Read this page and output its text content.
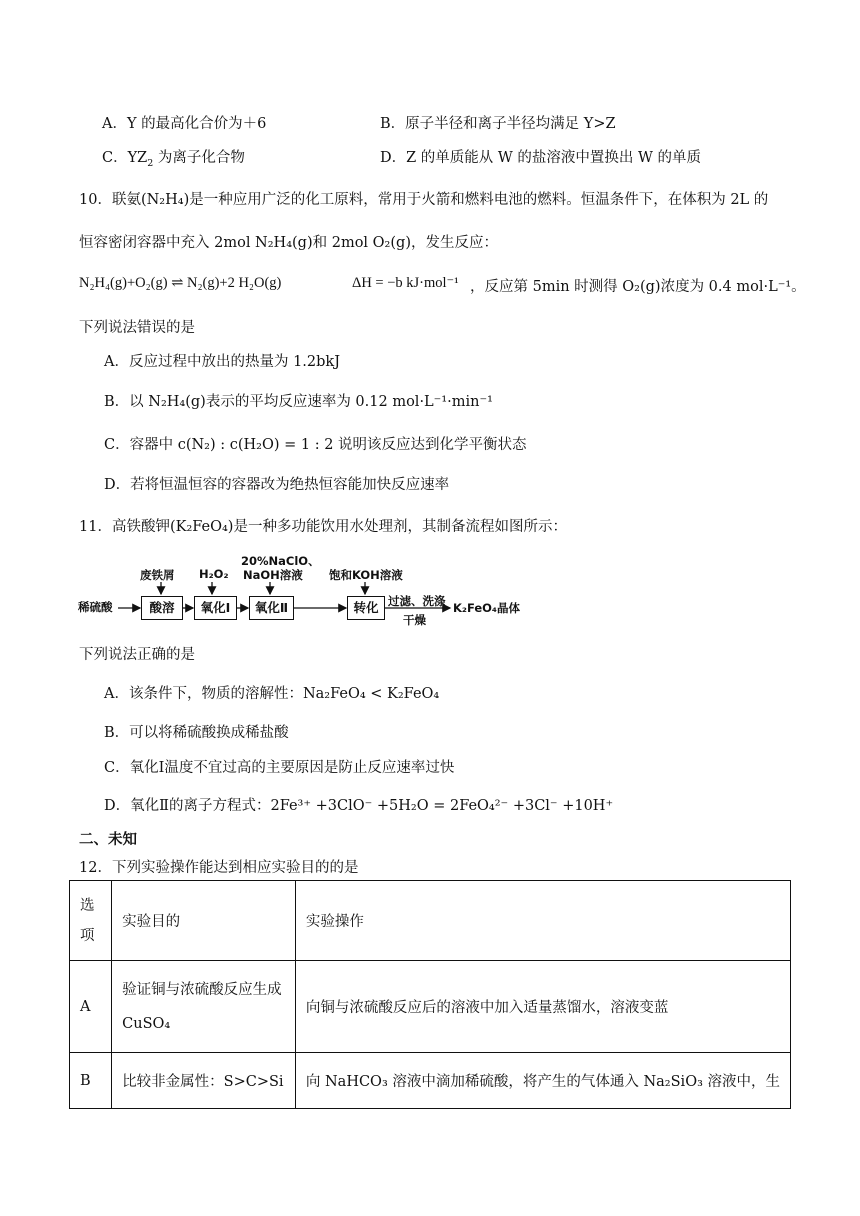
A．Y 的最高化合价为＋6	B．原子半径和离子半径均满足 Y>Z
C．$YZ_2$ 为离子化合物	D．Z 的单质能从 W 的盐溶液中置换出 W 的单质
10．联氨(N₂H₄)是一种应用广泛的化工原料，常用于火箭和燃料电池的燃料。恒温条件下，在体积为 2L 的
恒容密闭容器中充入 2mol N₂H₄(g)和 2mol O₂(g)，发生反应：
N₂H₄(g)+O₂(g) ⇌ N₂(g)+2 H₂O(g)	ΔH = −b kJ·mol⁻¹ ，反应第 5min 时测得 O₂(g)浓度为 0.4 mol·L⁻¹。
下列说法错误的是
A．反应过程中放出的热量为 1.2bkJ
B．以 N₂H₄(g)表示的平均反应速率为 0.12 mol·L⁻¹·min⁻¹
C．容器中 c(N₂) : c(H₂O) = 1 : 2 说明该反应达到化学平衡状态
D．若将恒温恒容的容器改为绝热恒容能加快反应速率
11．高铁酸钾(K₂FeO₄)是一种多功能饮用水处理剂，其制备流程如图所示：
稀硫酸	酸溶	氧化Ⅰ	氧化Ⅱ	转化
废铁屑 H₂O₂
20%NaClO、
NaOH溶液 饱和KOH溶液
过滤、洗涤
干燥
K₂FeO₄晶体
下列说法正确的是
A．该条件下，物质的溶解性：Na₂FeO₄ < K₂FeO₄
B．可以将稀硫酸换成稀盐酸
C．氧化Ⅰ温度不宜过高的主要原因是防止反应速率过快
D．氧化Ⅱ的离子方程式：2Fe³⁺ +3ClO⁻ +5H₂O = 2FeO₄²⁻ +3Cl⁻ +10H⁺
二、未知
12．下列实验操作能达到相应实验目的的是
选项	实验目的	实验操作
A	验证铜与浓硫酸反应生成 CuSO₄	向铜与浓硫酸反应后的溶液中加入适量蒸馏水，溶液变蓝
B	比较非金属性：S>C>Si	向 NaHCO₃ 溶液中滴加稀硫酸，将产生的气体通入 Na₂SiO₃ 溶液中，生
